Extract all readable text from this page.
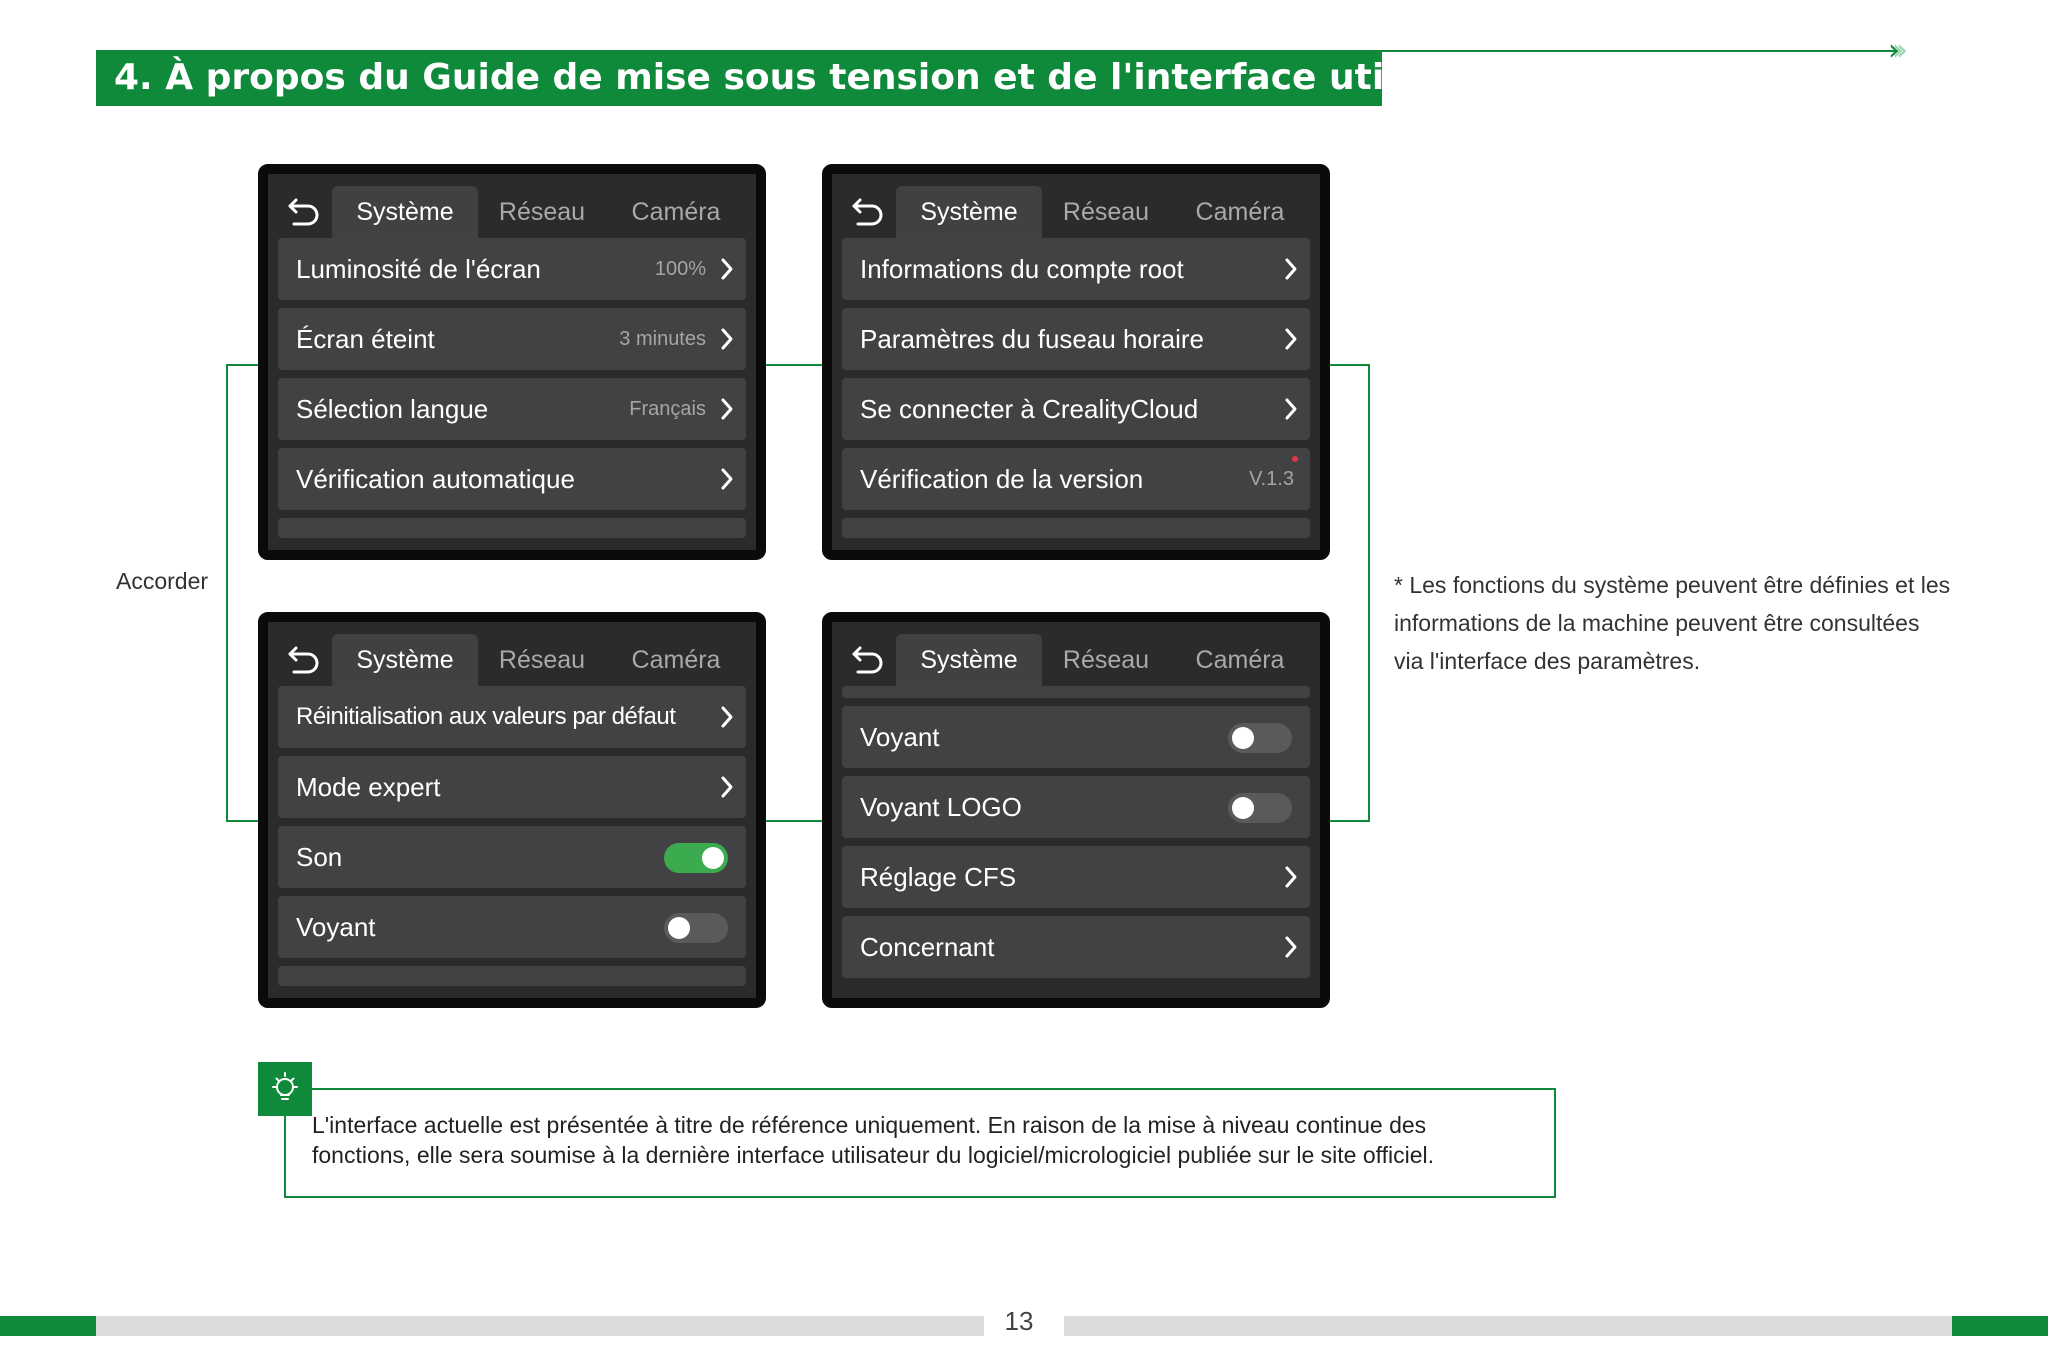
4. À propos du Guide de mise sous tension et de l'interface utilisateur
›››
Accorder
Système	Réseau	Caméra
Luminosité de l'écran	100%
Écran éteint	3 minutes
Sélection langue	Français
Vérification automatique
Système	Réseau	Caméra
Informations du compte root
Paramètres du fuseau horaire
Se connecter à CrealityCloud
Vérification de la version	V.1.3
Système	Réseau	Caméra
Réinitialisation aux valeurs par défaut
Mode expert
Son
Voyant
Système	Réseau	Caméra
Voyant
Voyant LOGO
Réglage CFS
Concernant
* Les fonctions du système peuvent être définies et les informations de la machine peuvent être consultées via l'interface des paramètres.
L'interface actuelle est présentée à titre de référence uniquement. En raison de la mise à niveau continue des
fonctions, elle sera soumise à la dernière interface utilisateur du logiciel/micrologiciel publiée sur le site officiel.
13
